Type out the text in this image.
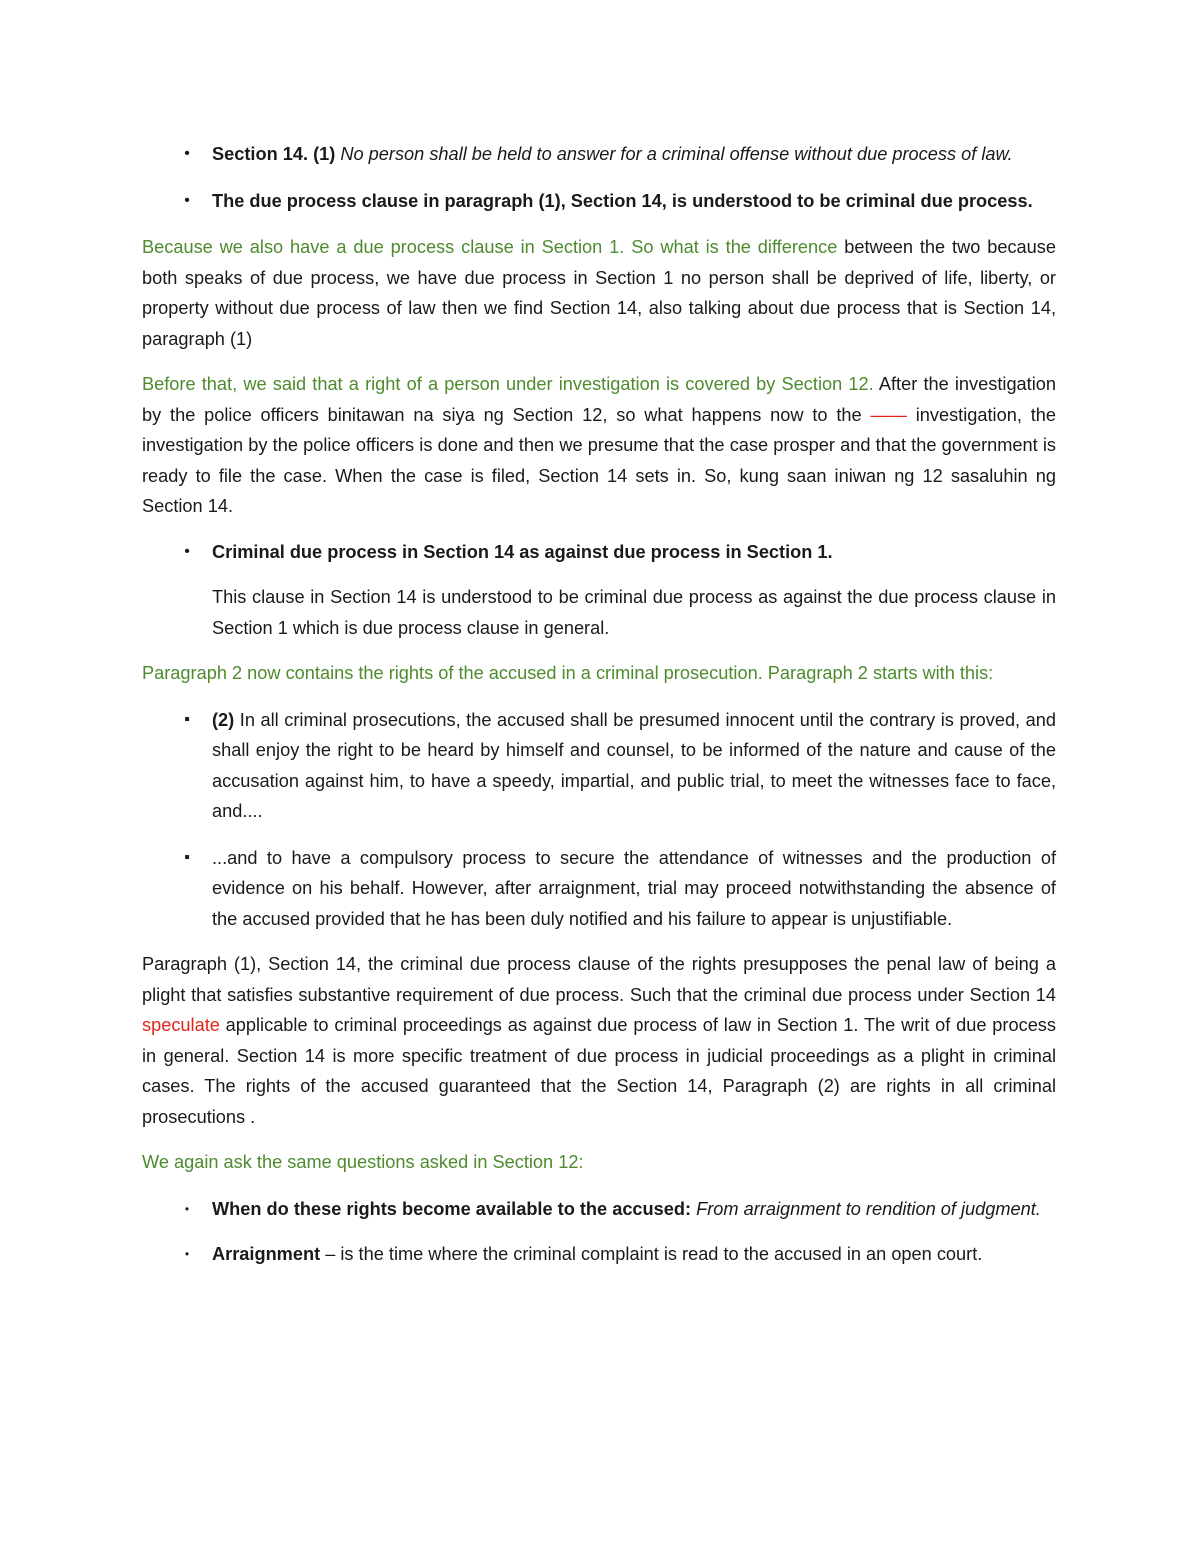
•	Section 14. (1) No person shall be held to answer for a criminal offense without due process of law.

•	The due process clause in paragraph (1), Section 14, is understood to be criminal due process.

Because we also have a due process clause in Section 1. So what is the difference between the two because both speaks of due process, we have due process in Section 1 no person shall be deprived of life, liberty, or property without due process of law then we find Section 14, also talking about due process that is Section 14, paragraph (1)

Before that, we said that a right of a person under investigation is covered by Section 12. After the investigation by the police officers binitawan na siya ng Section 12, so what happens now to the —— investigation, the investigation by the police officers is done and then we presume that the case prosper and that the government is ready to file the case. When the case is filed, Section 14 sets in. So, kung saan iniwan ng 12 sasaluhin ng Section 14.

•	Criminal due process in Section 14 as against due process in Section 1.

This clause in Section 14 is understood to be criminal due process as against the due process clause in Section 1 which is due process clause in general.

Paragraph 2 now contains the rights of the accused in a criminal prosecution. Paragraph 2 starts with this:

▪	(2) In all criminal prosecutions, the accused shall be presumed innocent until the contrary is proved, and shall enjoy the right to be heard by himself and counsel, to be informed of the nature and cause of the accusation against him, to have a speedy, impartial, and public trial, to meet the witnesses face to face, and....

▪	...and to have a compulsory process to secure the attendance of witnesses and the production of evidence on his behalf. However, after arraignment, trial may proceed notwithstanding the absence of the accused provided that he has been duly notified and his failure to appear is unjustifiable.

Paragraph (1), Section 14, the criminal due process clause of the rights presupposes the penal law of being a plight that satisfies substantive requirement of due process. Such that the criminal due process under Section 14 speculate applicable to criminal proceedings as against due process of law in Section 1. The writ of due process in general. Section 14 is more specific treatment of due process in judicial proceedings as a plight in criminal cases. The rights of the accused guaranteed that the Section 14, Paragraph (2) are rights in all criminal prosecutions .

We again ask the same questions asked in Section 12:

•	When do these rights become available to the accused: From arraignment to rendition of judgment.

•	Arraignment – is the time where the criminal complaint is read to the accused in an open court.
